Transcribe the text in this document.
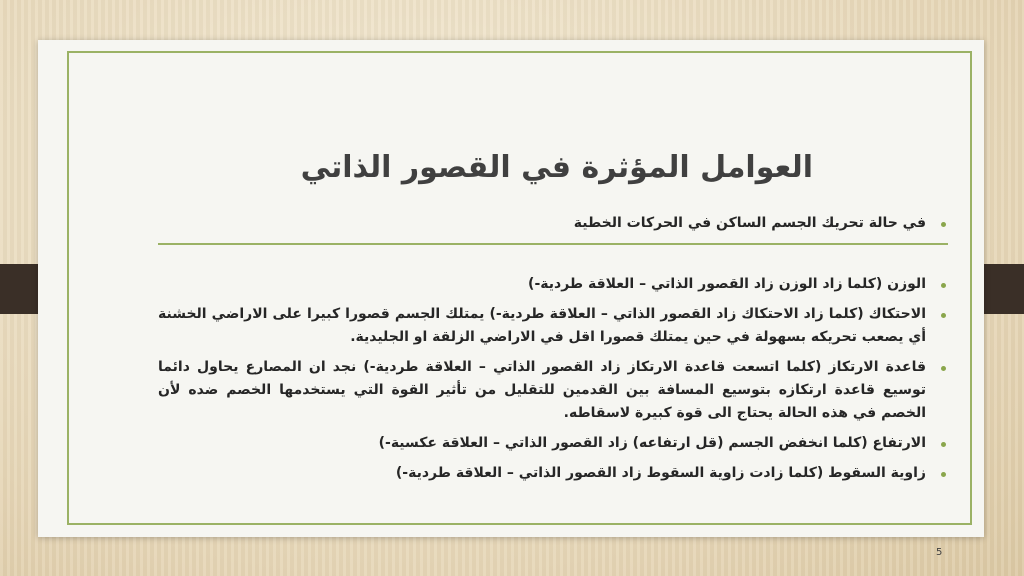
العوامل المؤثرة في القصور الذاتي
في حالة تحريك الجسم الساكن في الحركات الخطية
الوزن (كلما زاد الوزن زاد القصور الذاتي – العلاقة طردية-)
الاحتكاك (كلما زاد الاحتكاك زاد القصور الذاتي – العلاقة طردية-) يمتلك الجسم قصورا كبيرا على الاراضي الخشنة أي يصعب تحريكه بسهولة في حين يمتلك قصورا اقل في الاراضي الزلقة او الجليدية.
قاعدة الارتكاز (كلما اتسعت قاعدة الارتكاز زاد القصور الذاتي – العلاقة طردية-) نجد ان المصارع يحاول دائما توسيع قاعدة ارتكازه بتوسيع المسافة بين القدمين للتقليل من تأثير القوة التي يستخدمها الخصم ضده لأن الخصم في هذه الحالة يحتاج الى قوة كبيرة لاسقاطه.
الارتفاع (كلما انخفض الجسم (قل ارتفاعه) زاد القصور الذاتي – العلاقة عكسية-)
زاوية السقوط (كلما زادت زاوية السقوط زاد القصور الذاتي – العلاقة طردية-)
5
